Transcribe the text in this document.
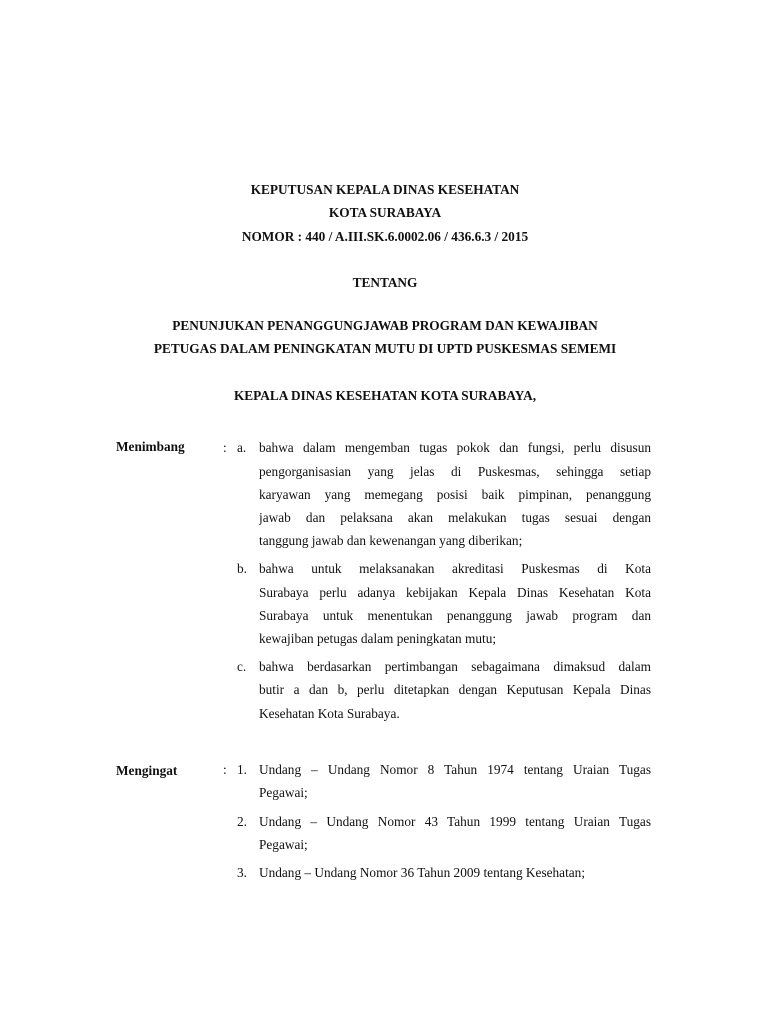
KEPUTUSAN KEPALA DINAS KESEHATAN
KOTA SURABAYA
NOMOR : 440 / A.III.SK.6.0002.06 / 436.6.3 / 2015
TENTANG
PENUNJUKAN PENANGGUNGJAWAB PROGRAM DAN KEWAJIBAN
PETUGAS DALAM PENINGKATAN MUTU DI UPTD PUSKESMAS SEMEMI
KEPALA DINAS KESEHATAN KOTA SURABAYA,
Menimbang	: a. bahwa dalam mengemban tugas pokok dan fungsi, perlu disusun
pengorganisasian yang jelas di Puskesmas, sehingga setiap
karyawan yang memegang posisi baik pimpinan, penanggung
jawab dan pelaksana akan melakukan tugas sesuai dengan
tanggung jawab dan kewenangan yang diberikan;
b. bahwa untuk melaksanakan akreditasi Puskesmas di Kota
Surabaya perlu adanya kebijakan Kepala Dinas Kesehatan Kota
Surabaya untuk menentukan penanggung jawab program dan
kewajiban petugas dalam peningkatan mutu;
c. bahwa berdasarkan pertimbangan sebagaimana dimaksud dalam
butir a dan b, perlu ditetapkan dengan Keputusan Kepala Dinas
Kesehatan Kota Surabaya.
Mengingat	: 1. Undang – Undang Nomor 8 Tahun 1974 tentang Uraian Tugas
Pegawai;
2. Undang – Undang Nomor 43 Tahun 1999 tentang Uraian Tugas
Pegawai;
3. Undang – Undang Nomor 36 Tahun 2009 tentang Kesehatan;
